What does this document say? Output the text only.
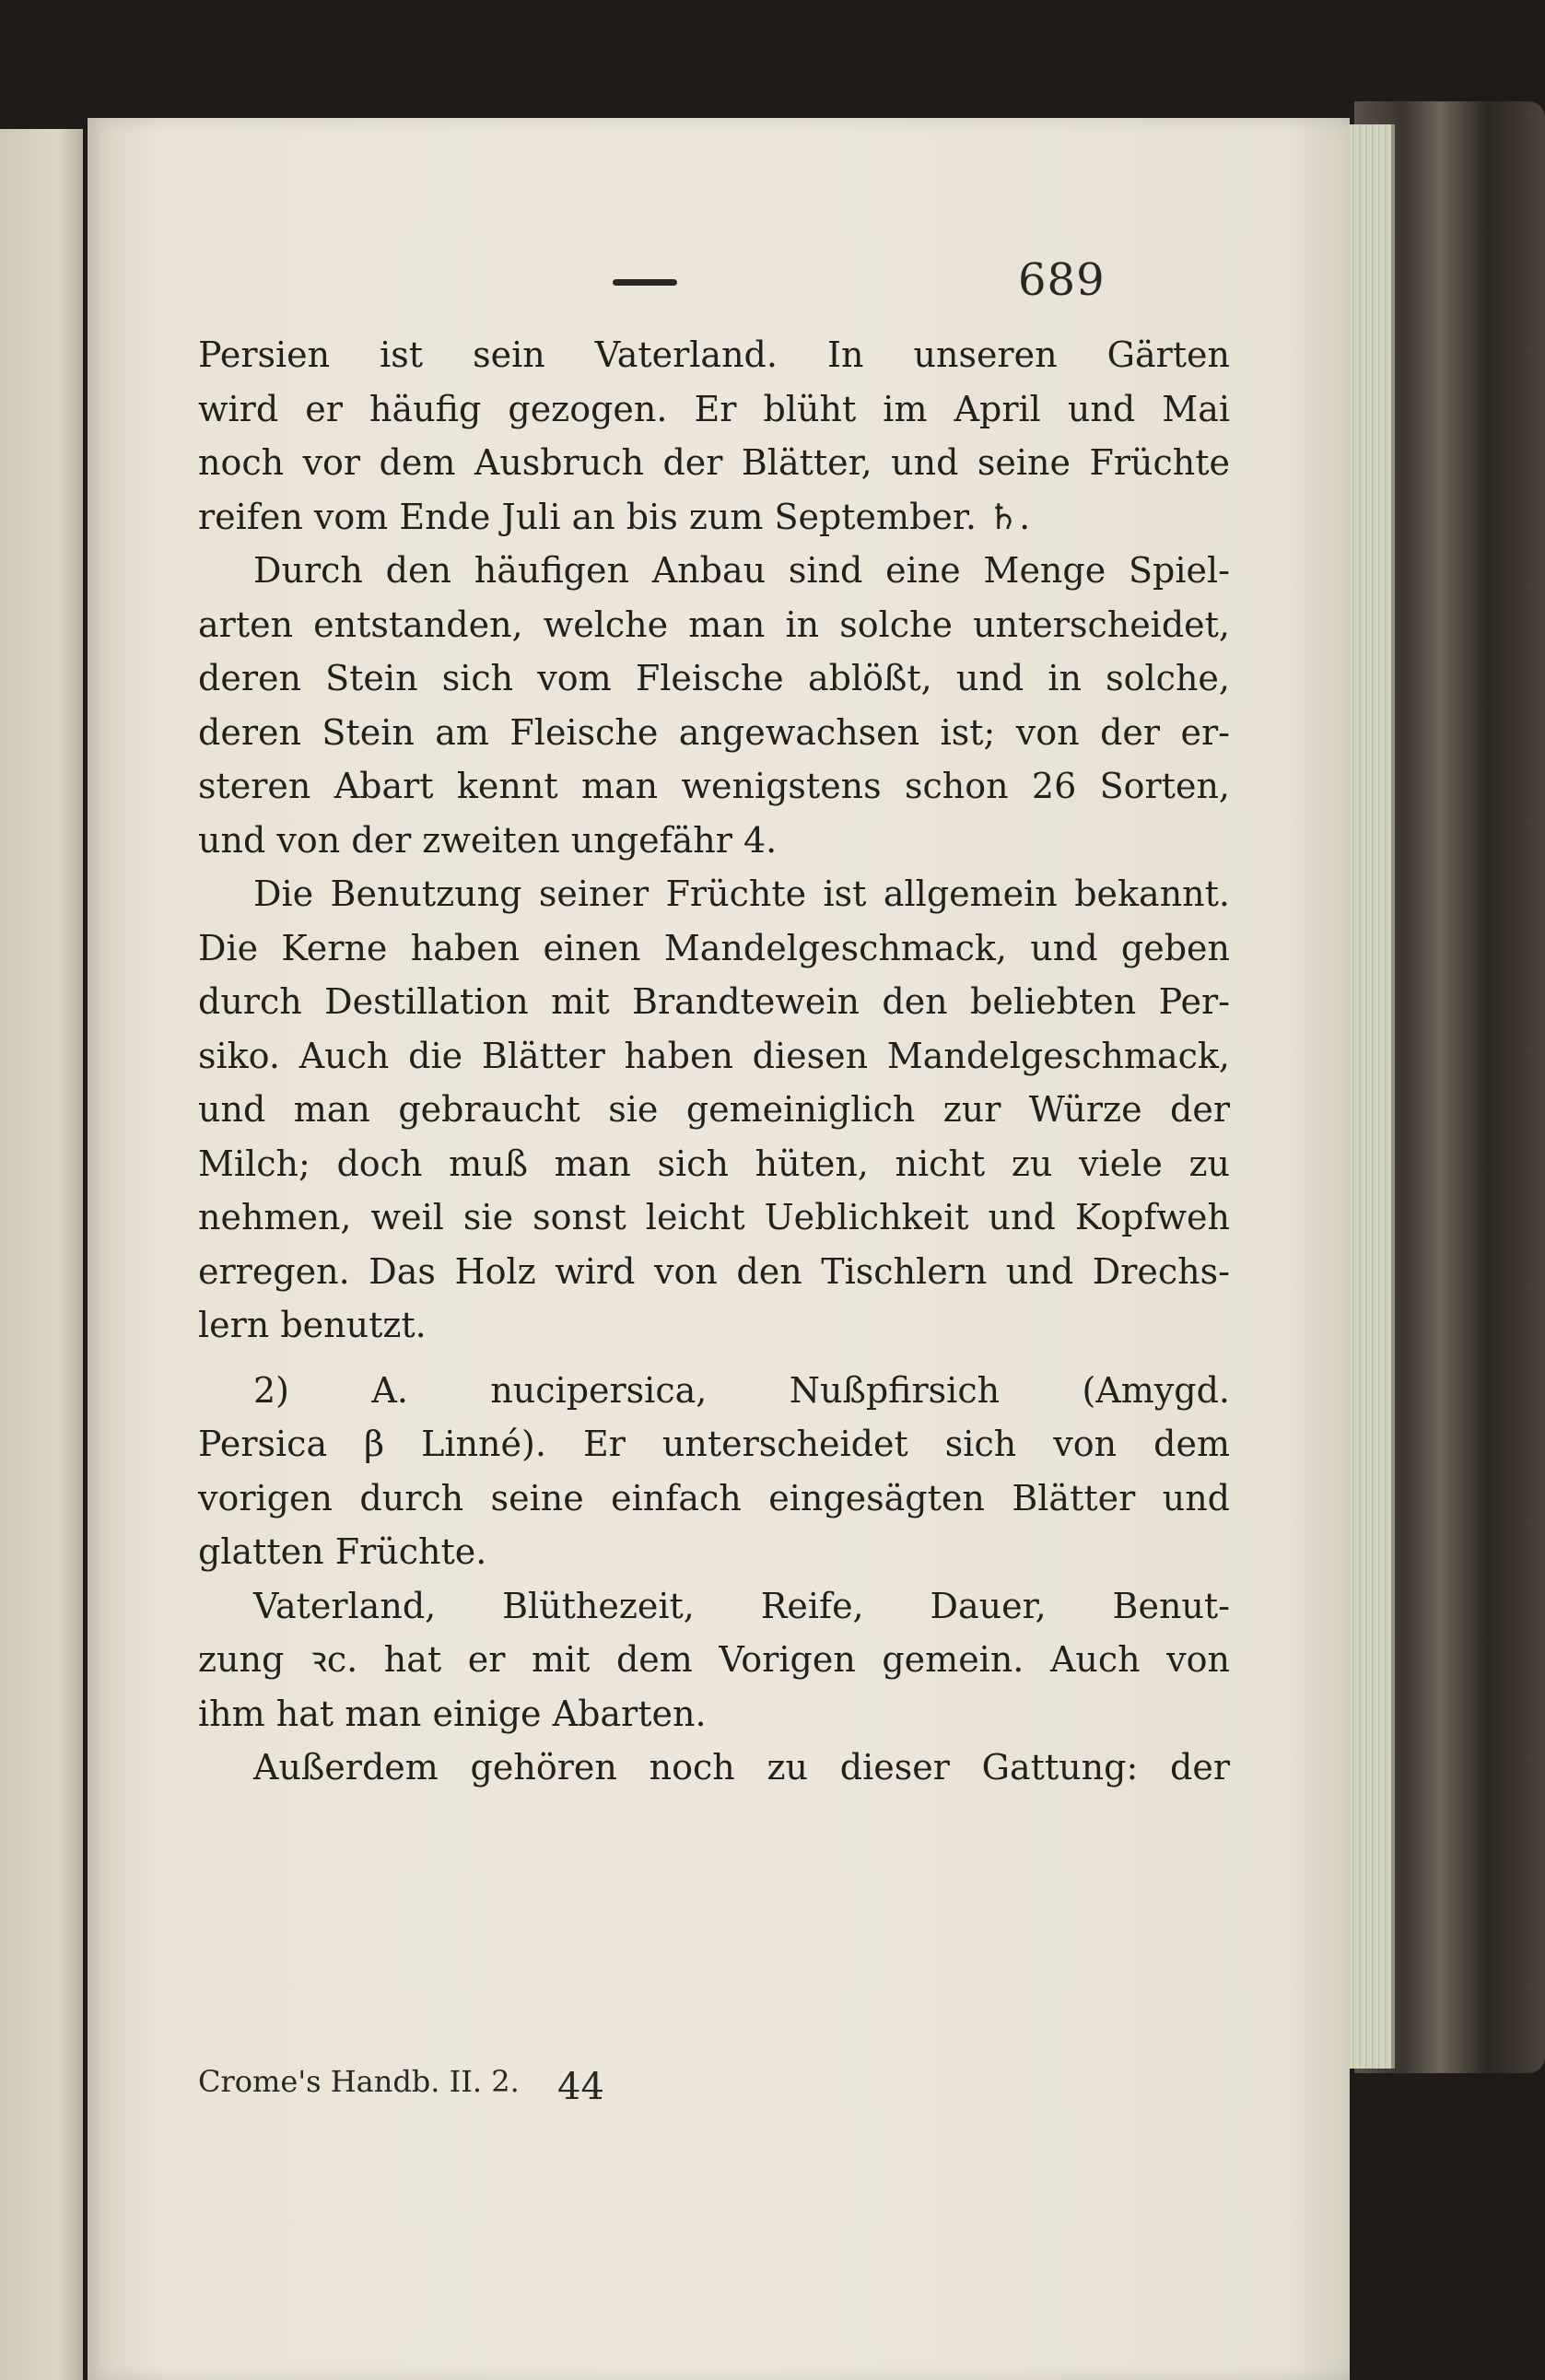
689
Persien ist sein Vaterland. In unseren Gärten
wird er häufig gezogen. Er blüht im April und Mai
noch vor dem Ausbruch der Blätter, und seine Früchte
reifen vom Ende Juli an bis zum September. ♄.
Durch den häufigen Anbau sind eine Menge Spiel-
arten entstanden, welche man in solche unterscheidet,
deren Stein sich vom Fleische ablößt, und in solche,
deren Stein am Fleische angewachsen ist; von der er-
steren Abart kennt man wenigstens schon 26 Sorten,
und von der zweiten ungefähr 4.
Die Benutzung seiner Früchte ist allgemein bekannt.
Die Kerne haben einen Mandelgeschmack, und geben
durch Destillation mit Brandtewein den beliebten Per-
siko. Auch die Blätter haben diesen Mandelgeschmack,
und man gebraucht sie gemeiniglich zur Würze der
Milch; doch muß man sich hüten, nicht zu viele zu
nehmen, weil sie sonst leicht Ueblichkeit und Kopfweh
erregen. Das Holz wird von den Tischlern und Drechs-
lern benutzt.
2) A. nucipersica, Nußpfirsich (Amygd.
Persica β Linné). Er unterscheidet sich von dem
vorigen durch seine einfach eingesägten Blätter und
glatten Früchte.
Vaterland, Blüthezeit, Reife, Dauer, Benut-
zung ꝛc. hat er mit dem Vorigen gemein. Auch von
ihm hat man einige Abarten.
Außerdem gehören noch zu dieser Gattung: der
Crome's Handb. II. 2. 44
